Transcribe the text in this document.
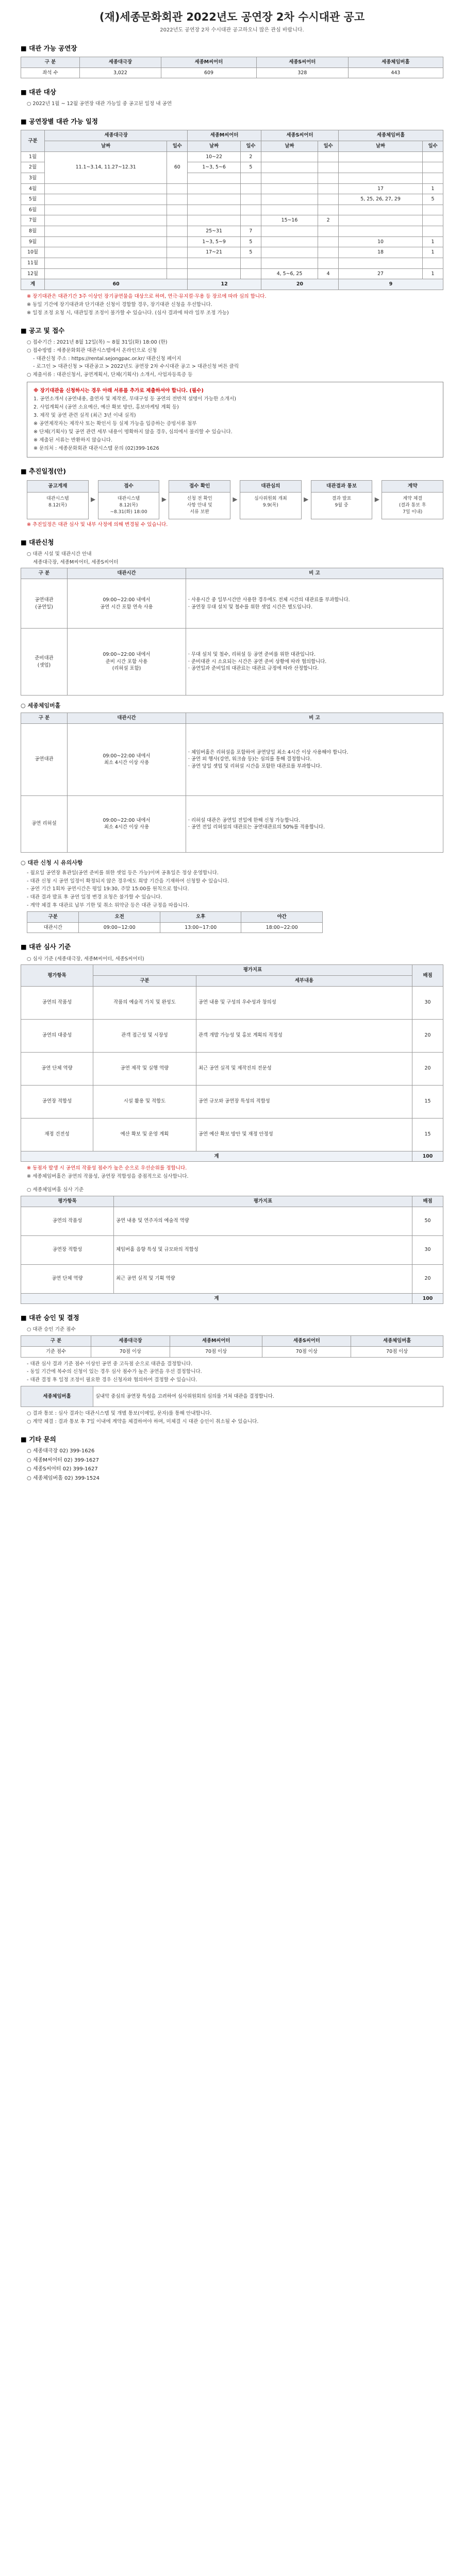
(재)세종문화회관 2022년도 공연장 2차 수시대관 공고
2022년도 공연장 2차 수시대관 공고하오니 많은 관심 바랍니다.
■ 대관 가능 공연장
구 분	세종대극장	세종M씨어터	세종S씨어터	세종체임버홀
좌석 수	3,022	609	328	443
■ 대관 대상
○ 2022년 1월 ~ 12월 공연장 대관 가능일 중 공고된 일정 내 공연
■ 공연장별 대관 가능 일정
구분	세종대극장		세종M씨어터		세종S씨어터		세종체임버홀	
	날짜	일수	날짜	일수	날짜	일수	날짜	일수
1월	11.1~3.14, 11.27~12.31	60	10~22	2				
2월			1~3, 5~6	5				
3월								
4월							17	1
5월							5, 25, 26, 27, 29	5
6월								
7월					15~16	2		
8월			25~31	7				
9월			1~3, 5~9	5			10	1
10월			17~21	5			18	1
11월								
12월					4, 5~6, 25	4	27	1
계	60		12		20		9	
※ 장기대관은 대관기간 3주 이상인 장기공연물을 대상으로 하며, 연극·뮤지컬·무용 등 장르에 따라 심의 합니다.
※ 동일 기간에 장기대관과 단기대관 신청이 경합할 경우, 장기대관 신청을 우선합니다.
※ 일정 조정 요청 시, 대관일정 조정이 불가할 수 있습니다. (심사 결과에 따라 일부 조정 가능)
■ 공고 및 접수
○ 접수기간 : 2021년 8월 12일(목) ~ 8월 31일(화) 18:00 (한)
○ 접수방법 : 세종문화회관 대관시스템에서 온라인으로 신청
- 대관신청 주소 : https://rental.sejongpac.or.kr/ 대관신청 페이지
- 로그인 > 대관신청 > 대관공고 > 2022년도 공연장 2차 수시대관 공고 > 대관신청 버튼 클릭
○ 제출서류 : 대관신청서, 공연계획서, 단체(기획사) 소개서, 사업자등록증 등
※ 장기대관을 신청하시는 경우 아래 서류를 추가로 제출하셔야 합니다. (필수)
1. 공연소개서 (공연내용, 출연자 및 제작진, 무대구성 등 공연의 전반적 설명이 가능한 소개서)
2. 사업계획서 (공연 소요예산, 예산 확보 방안, 홍보마케팅 계획 등)
3. 제작 및 공연 관련 실적 (최근 3년 이내 실적)
※ 공연제작자는 제작사 또는 확인서 등 실제 가능을 입증하는 증빙서류 첨부
※ 단체(기획사) 및 공연 관련 세부 내용이 명확하지 않을 경우, 심의에서 불리할 수 있습니다.
※ 제출된 서류는 반환하지 않습니다.
※ 문의처 : 세종문화회관 대관시스템 문의 (02)399-1626
■ 추진일정(안)
공고게재
대관시스템
8.12(목)
▶
접수
대관시스템
8.12(목)
~8.31(화) 18:00
▶
접수 확인
신청 전 확인
사항 안내 및
서류 보완
▶
대관심의
심사위원회 개최
9.9(목)
▶
대관결과 통보
결과 발표
9월 중
▶
계약
계약 체결
(결과 통보 후
7일 이내)
※ 추진일정은 대관 심사 및 내부 사정에 의해 변경될 수 있습니다.
■ 대관신청
○ 대관 시설 및 대관시간 안내
세종대극장, 세종M씨어터, 세종S씨어터
구 분	대관시간	비 고
공연대관
(공연일)	09:00~22:00 내에서
공연 시간 포함 연속 사용	· 사용시간 중 일부시간만 사용한 경우에도 전체 시간의 대관료를 부과합니다.
· 공연장 무대 설치 및 철수를 위한 셋업 시간은 별도입니다.
준비대관
(셋업)	09:00~22:00 내에서
준비 시간 포함 사용
(리허설 포함)	· 무대 설치 및 철수, 리허설 등 공연 준비를 위한 대관입니다.
· 준비대관 시 소요되는 시간은 공연 준비 상황에 따라 협의합니다.
· 공연일과 준비일의 대관료는 대관료 규정에 따라 산정합니다.
○ 세종체임버홀
구 분	대관시간	비 고
공연대관	09:00~22:00 내에서
최소 4시간 이상 사용	· 체임버홀은 리허설을 포함하여 공연당일 최소 4시간 이상 사용해야 합니다.
· 공연 외 행사(강연, 워크숍 등)는 심의를 통해 결정합니다.
· 공연 당일 셋업 및 리허설 시간을 포함한 대관료를 부과합니다.
공연 리허설	09:00~22:00 내에서
최소 4시간 이상 사용	· 리허설 대관은 공연일 전일에 한해 신청 가능합니다.
· 공연 전일 리허설의 대관료는 공연대관료의 50%를 적용합니다.
○ 대관 신청 시 유의사항
- 월요일 공연장 휴관일(공연 준비를 위한 셋업 등은 가능)이며 공휴일은 정상 운영합니다.
- 대관 신청 시 공연 일정이 확정되지 않은 경우에도 희망 기간을 기재하여 신청할 수 있습니다.
- 공연 기간 1회차 공연시간은 평일 19:30, 주말 15:00를 원칙으로 합니다.
- 대관 결과 발표 후 공연 일정 변경 요청은 불가할 수 있습니다.
- 계약 체결 후 대관료 납부 기한 및 취소 위약금 등은 대관 규정을 따릅니다.
구분	오전	오후	야간
대관시간	09:00~12:00	13:00~17:00	18:00~22:00
■ 대관 심사 기준
○ 심사 기준 (세종대극장, 세종M씨어터, 세종S씨어터)
평가항목	평가지표		배점
	구분	세부내용	
공연의 작품성	작품의 예술적 가치 및 완성도	공연 내용 및 구성의 우수성과 창의성	30
공연의 대중성	관객 접근성 및 시장성	관객 개발 가능성 및 홍보 계획의 적정성	20
공연 단체 역량	공연 제작 및 실행 역량	최근 공연 실적 및 제작진의 전문성	20
공연장 적합성	시설 활용 및 적합도	공연 규모와 공연장 특성의 적합성	15
재정 건전성	예산 확보 및 운영 계획	공연 예산 확보 방안 및 재정 안정성	15
계			100
※ 동점자 발생 시 공연의 작품성 점수가 높은 순으로 우선순위를 정합니다.
※ 세종체임버홀은 공연의 작품성, 공연장 적합성을 중점적으로 심사합니다.
○ 세종체임버홀 심사 기준
평가항목	평가지표	배점
공연의 작품성	공연 내용 및 연주자의 예술적 역량	50
공연장 적합성	체임버홀 음향 특성 및 규모와의 적합성	30
공연 단체 역량	최근 공연 실적 및 기획 역량	20
계		100
■ 대관 승인 및 결정
○ 대관 승인 기준 점수
구 분	세종대극장	세종M씨어터	세종S씨어터	세종체임버홀
기준 점수	70점 이상	70점 이상	70점 이상	70점 이상
- 대관 심사 결과 기준 점수 이상인 공연 중 고득점 순으로 대관을 결정합니다.
- 동일 기간에 복수의 신청이 있는 경우 심사 점수가 높은 공연을 우선 결정합니다.
- 대관 결정 후 일정 조정이 필요한 경우 신청자와 협의하여 결정할 수 있습니다.
세종체임버홀	실내악 중심의 공연장 특성을 고려하여 심사위원회의 심의를 거쳐 대관을 결정합니다.
○ 결과 통보 : 심사 결과는 대관시스템 및 개별 통보(이메일, 문자)를 통해 안내합니다.
○ 계약 체결 : 결과 통보 후 7일 이내에 계약을 체결하여야 하며, 미체결 시 대관 승인이 취소될 수 있습니다.
■ 기타 문의
○ 세종대극장 02) 399-1626
○ 세종M씨어터 02) 399-1627
○ 세종S씨어터 02) 399-1627
○ 세종체임버홀 02) 399-1524
